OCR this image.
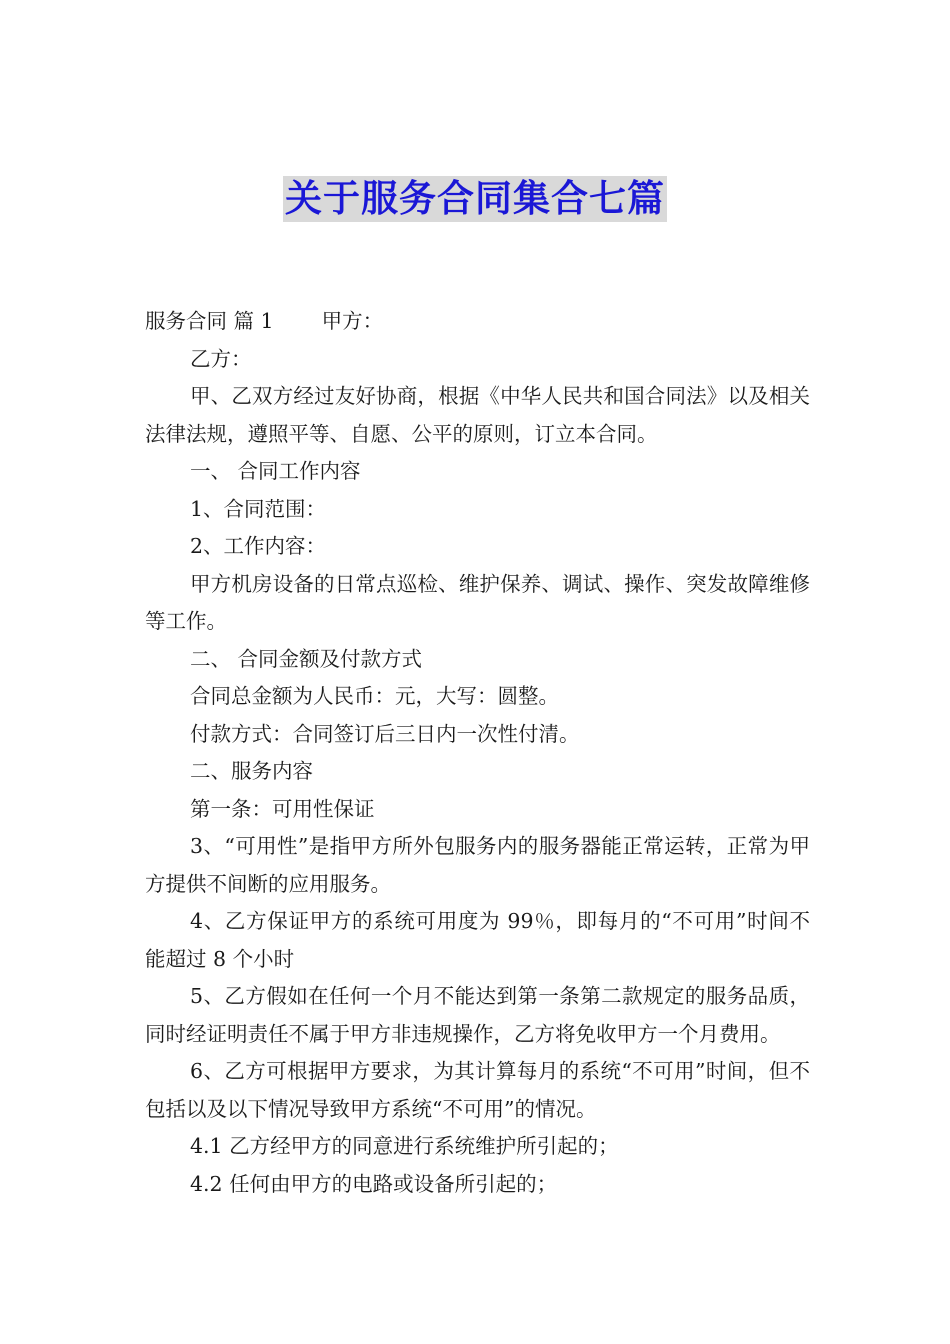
关于服务合同集合七篇

服务合同 篇 1 甲方：

乙方：

甲、乙双方经过友好协商，根据《中华人民共和国合同法》以及相关法律法规，遵照平等、自愿、公平的原则，订立本合同。

一、 合同工作内容

1、合同范围：

2、工作内容：

甲方机房设备的日常点巡检、维护保养、调试、操作、突发故障维修等工作。

二、 合同金额及付款方式

合同总金额为人民币：元，大写：圆整。

付款方式：合同签订后三日内一次性付清。

二、服务内容

第一条：可用性保证

3、“可用性”是指甲方所外包服务内的服务器能正常运转，正常为甲方提供不间断的应用服务。

4、乙方保证甲方的系统可用度为 99％，即每月的“不可用”时间不能超过 8 个小时

5、乙方假如在任何一个月不能达到第一条第二款规定的服务品质，同时经证明责任不属于甲方非违规操作，乙方将免收甲方一个月费用。

6、乙方可根据甲方要求，为其计算每月的系统“不可用”时间，但不包括以及以下情况导致甲方系统“不可用”的情况。

4.1 乙方经甲方的同意进行系统维护所引起的；

4.2 任何由甲方的电路或设备所引起的；
